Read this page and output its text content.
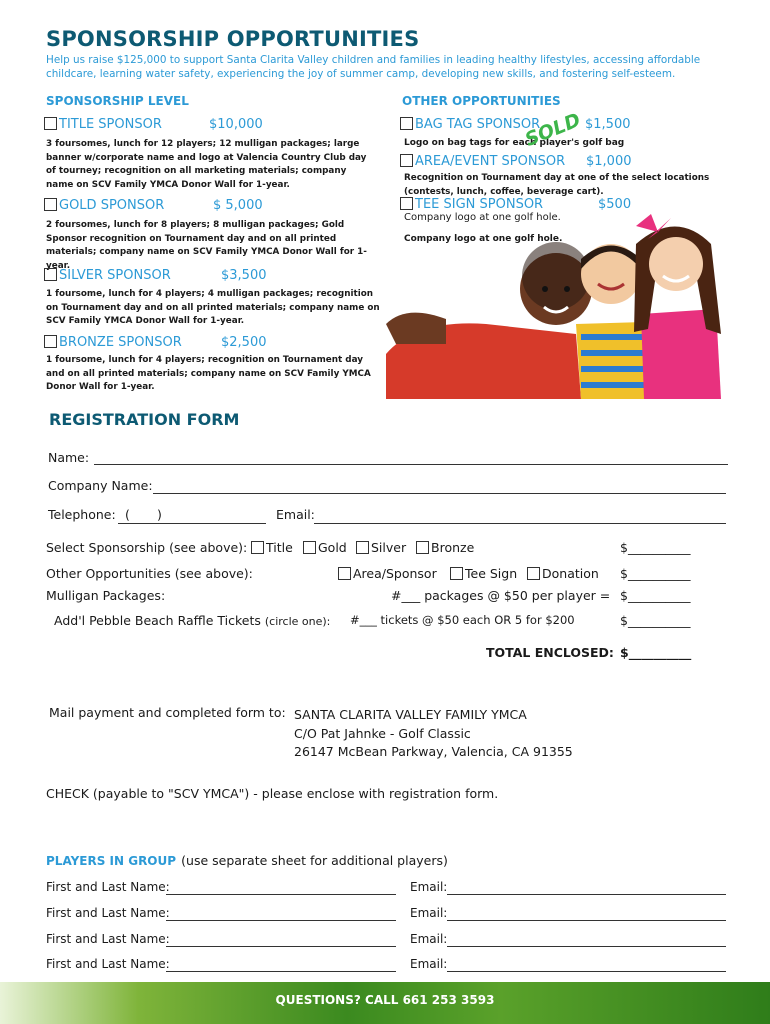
SPONSORSHIP OPPORTUNITIES
Help us raise $125,000 to support Santa Clarita Valley children and families in leading healthy lifestyles, accessing affordable childcare, learning water safety, experiencing the joy of summer camp, developing new skills, and fostering self-esteem.
SPONSORSHIP LEVEL
TITLE SPONSOR	$10,000
3 foursomes, lunch for 12 players; 12 mulligan packages; large banner w/corporate name and logo at Valencia Country Club day of tourney; recognition on all marketing materials; company name on SCV Family YMCA Donor Wall for 1-year.
GOLD SPONSOR	$ 5,000
2 foursomes, lunch for 8 players; 8 mulligan packages; Gold Sponsor recognition on Tournament day and on all printed materials; company name on SCV Family YMCA Donor Wall for 1-year.
SILVER SPONSOR	$3,500
1 foursome, lunch for 4 players; 4 mulligan packages; recognition on Tournament day and on all printed materials; company name on SCV Family YMCA Donor Wall for 1-year.
BRONZE SPONSOR	$2,500
1 foursome, lunch for 4 players; recognition on Tournament day and on all printed materials; company name on SCV Family YMCA Donor Wall for 1-year.
OTHER OPPORTUNITIES
BAG TAG SPONSOR	$1,500
Logo on bag tags for each player's golf bag
SOLD
AREA/EVENT SPONSOR $1,000
Recognition on Tournament day at one of the select locations (contests, lunch, coffee, beverage cart).
TEE SIGN SPONSOR	$500
Company logo at one golf hole.
Company logo at one golf hole.
REGISTRATION FORM
Name:
Company Name:
Telephone: ( )	Email:
Select Sponsorship (see above):	Title	Gold	Silver	Bronze	$__________
Other Opportunities (see above):	Area/Sponsor	Tee Sign	Donation $__________
Mulligan Packages:	#___ packages @ $50 per player = $__________
Add'l Pebble Beach Raffle Tickets (circle one): #___ tickets @ $50 each OR 5 for $200	$__________
TOTAL ENCLOSED: $__________
Mail payment and completed form to: SANTA CLARITA VALLEY FAMILY YMCA
C/O Pat Jahnke - Golf Classic
26147 McBean Parkway, Valencia, CA 91355
CHECK (payable to "SCV YMCA") - please enclose with registration form.
PLAYERS IN GROUP (use separate sheet for additional players)
First and Last Name:	Email:
First and Last Name:	Email:
First and Last Name:	Email:
First and Last Name:	Email:
QUESTIONS? CALL 661 253 3593
